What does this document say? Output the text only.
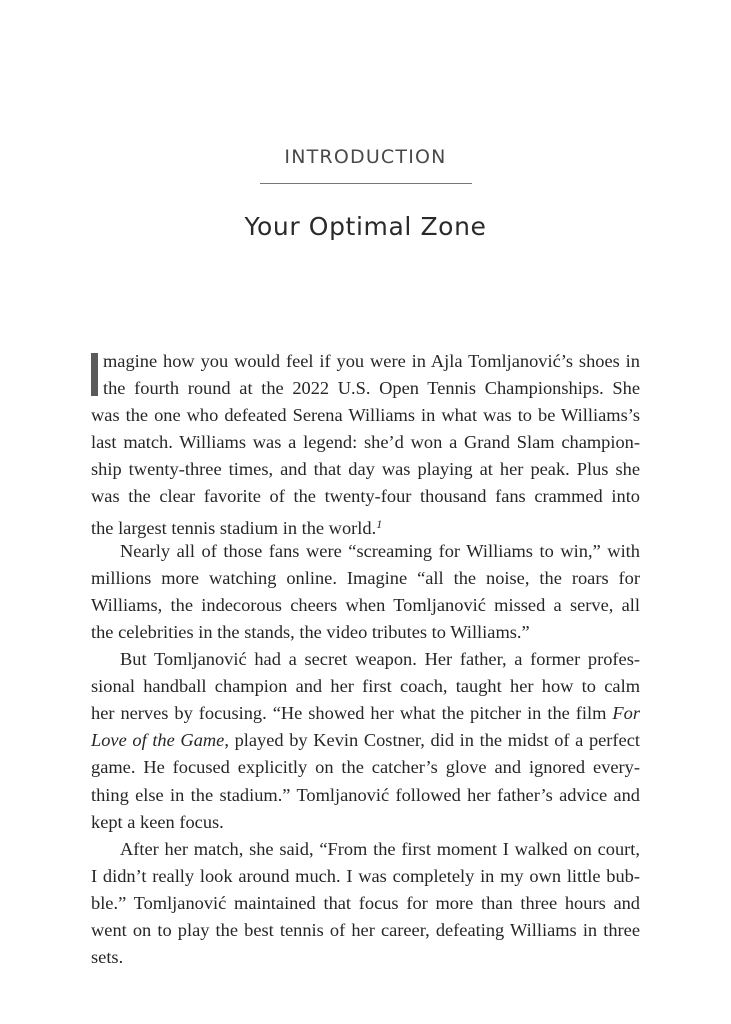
INTRODUCTION
Your Optimal Zone
magine how you would feel if you were in Ajla Tomljanović’s shoes in
the fourth round at the 2022 U.S. Open Tennis Championships. She
was the one who defeated Serena Williams in what was to be Williams’s
last match. Williams was a legend: she’d won a Grand Slam champion-
ship twenty-three times, and that day was playing at her peak. Plus she
was the clear favorite of the twenty-four thousand fans crammed into
the largest tennis stadium in the world.$^1$
Nearly all of those fans were “screaming for Williams to win,” with
millions more watching online. Imagine “all the noise, the roars for
Williams, the indecorous cheers when Tomljanović missed a serve, all
the celebrities in the stands, the video tributes to Williams.”
But Tomljanović had a secret weapon. Her father, a former profes-
sional handball champion and her first coach, taught her how to calm
her nerves by focusing. “He showed her what the pitcher in the film For
Love of the Game, played by Kevin Costner, did in the midst of a perfect
game. He focused explicitly on the catcher’s glove and ignored every-
thing else in the stadium.” Tomljanović followed her father’s advice and
kept a keen focus.
After her match, she said, “From the first moment I walked on court,
I didn’t really look around much. I was completely in my own little bub-
ble.” Tomljanović maintained that focus for more than three hours and
went on to play the best tennis of her career, defeating Williams in three
sets.
